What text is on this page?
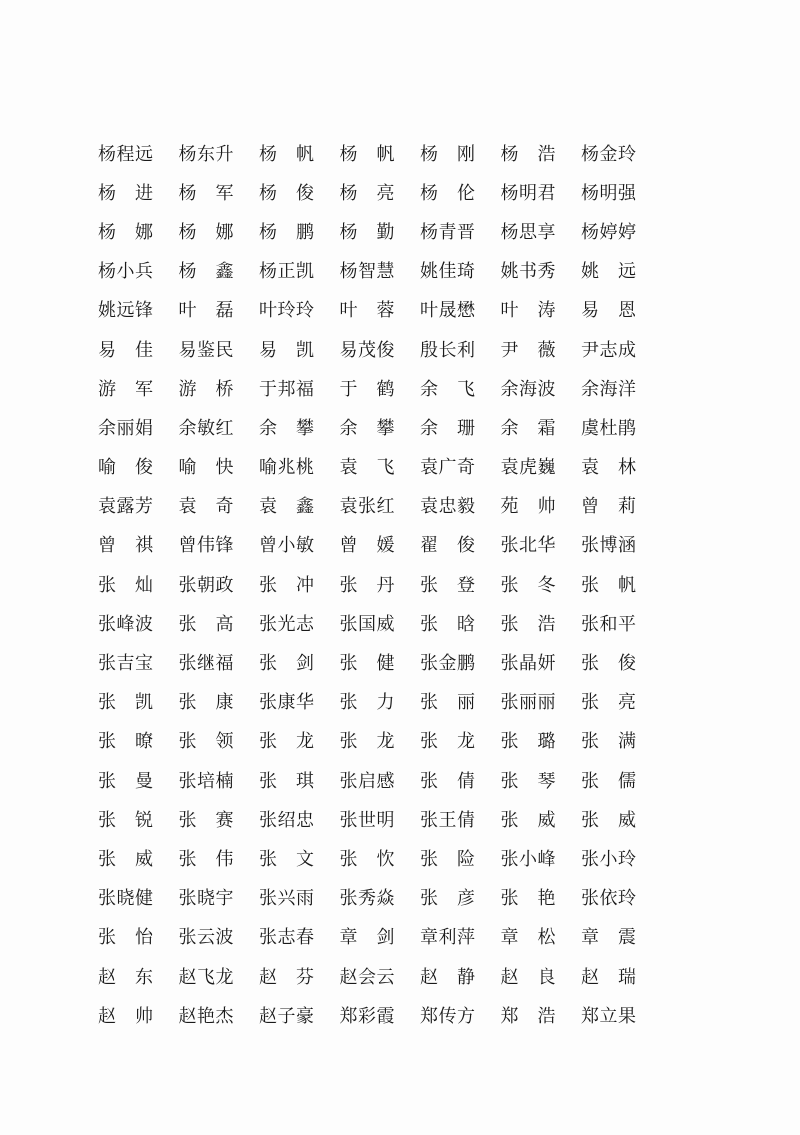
杨程远	杨东升	杨　帆	杨　帆	杨　刚	杨　浩	杨金玲
杨　进	杨　军	杨　俊	杨　亮	杨　伦	杨明君	杨明强
杨　娜	杨　娜	杨　鹏	杨　勤	杨青晋	杨思享	杨婷婷
杨小兵	杨　鑫	杨正凯	杨智慧	姚佳琦	姚书秀	姚　远
姚远锋	叶　磊	叶玲玲	叶　蓉	叶晟懋	叶　涛	易　恩
易　佳	易鉴民	易　凯	易茂俊	殷长利	尹　薇	尹志成
游　军	游　桥	于邦福	于　鹤	余　飞	余海波	余海洋
余丽娟	余敏红	余　攀	余　攀	余　珊	余　霜	虞杜鹃
喻　俊	喻　快	喻兆桃	袁　飞	袁广奇	袁虎巍	袁　林
袁露芳	袁　奇	袁　鑫	袁张红	袁忠毅	苑　帅	曾　莉
曾　祺	曾伟锋	曾小敏	曾　媛	翟　俊	张北华	张博涵
张　灿	张朝政	张　冲	张　丹	张　登	张　冬	张　帆
张峰波	张　高	张光志	张国威	张　晗	张　浩	张和平
张吉宝	张继福	张　剑	张　健	张金鹏	张晶妍	张　俊
张　凯	张　康	张康华	张　力	张　丽	张丽丽	张　亮
张　暸	张　领	张　龙	张　龙	张　龙	张　璐	张　满
张　曼	张培楠	张　琪	张启感	张　倩	张　琴	张　儒
张　锐	张　赛	张绍忠	张世明	张王倩	张　威	张　威
张　威	张　伟	张　文	张　忺	张　险	张小峰	张小玲
张晓健	张晓宇	张兴雨	张秀焱	张　彦	张　艳	张依玲
张　怡	张云波	张志春	章　剑	章利萍	章　松	章　震
赵　东	赵飞龙	赵　芬	赵会云	赵　静	赵　良	赵　瑞
赵　帅	赵艳杰	赵子豪	郑彩霞	郑传方	郑　浩	郑立果
